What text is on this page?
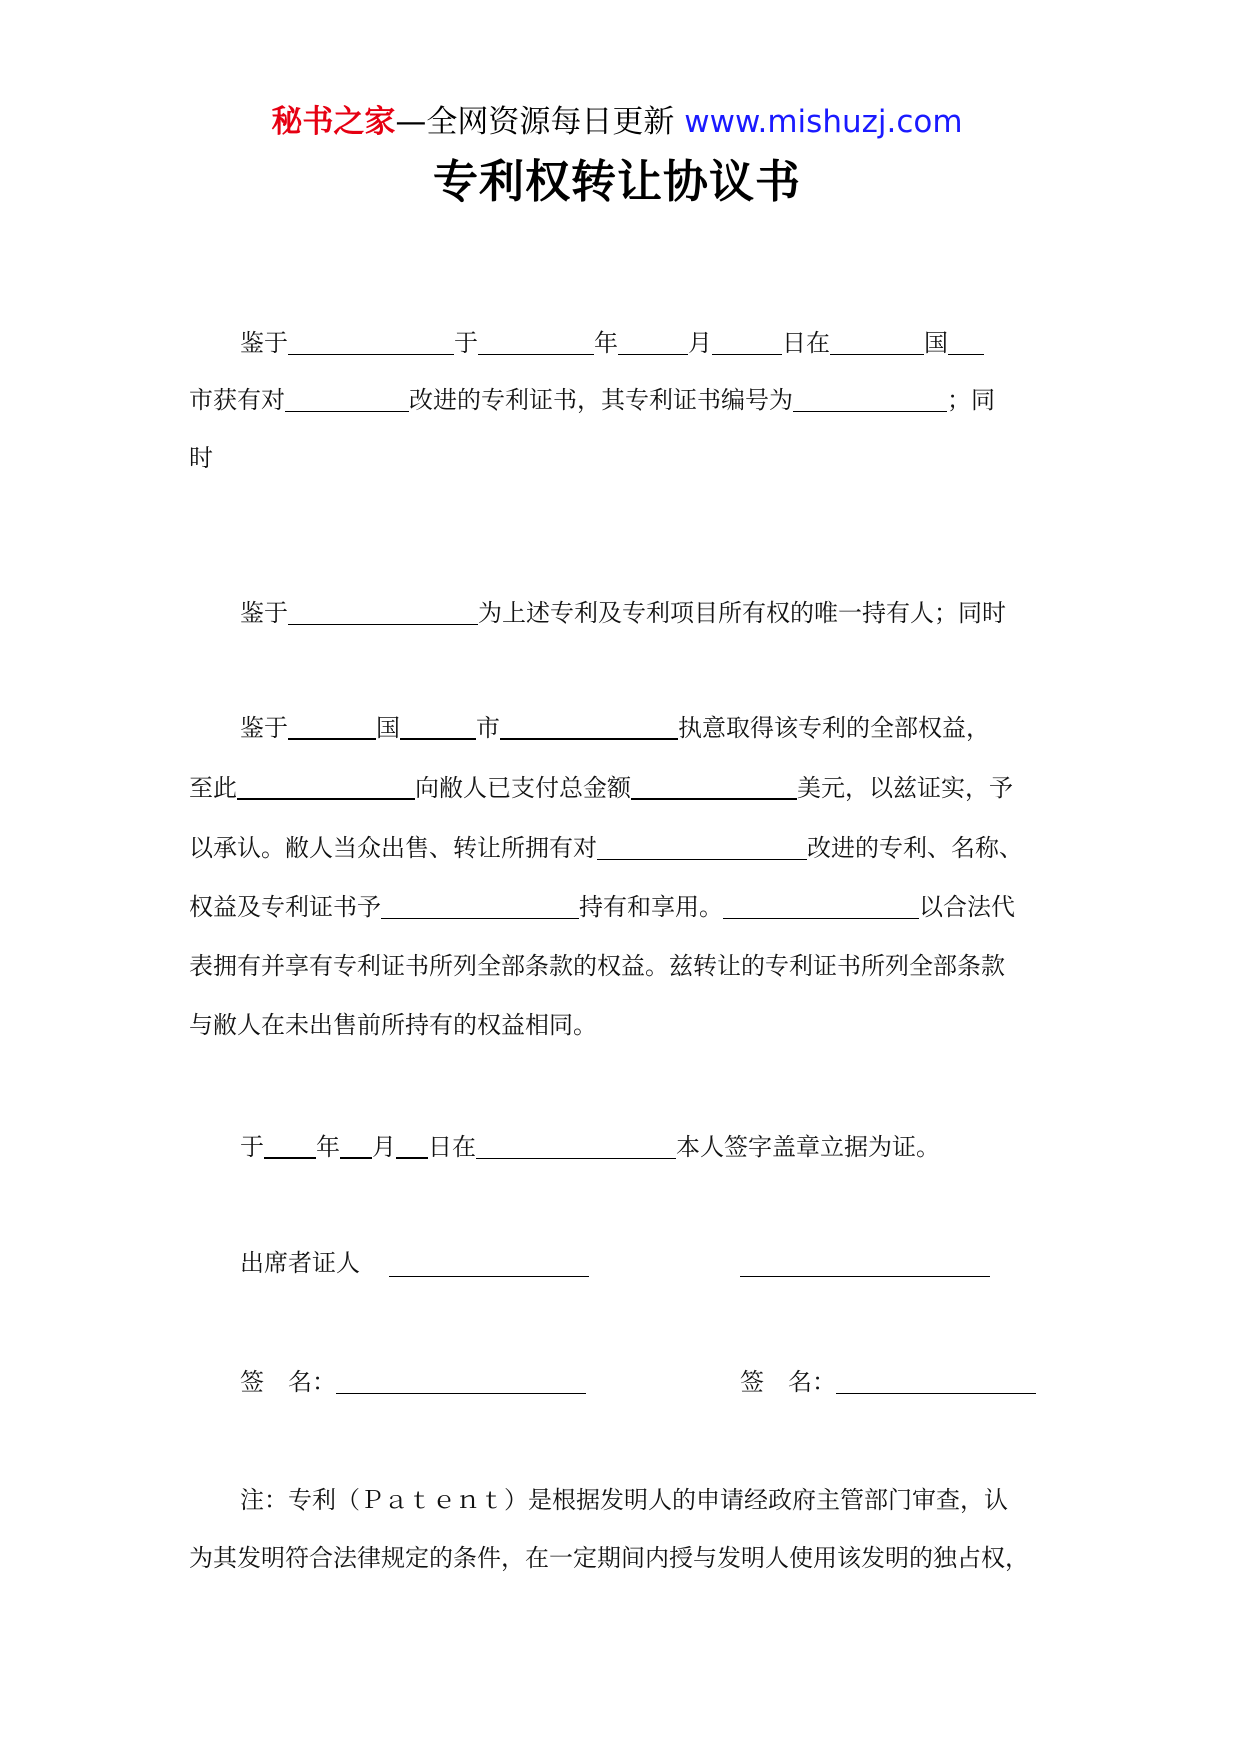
秘书之家—全网资源每日更新 www.mishuzj.com
专利权转让协议书
鉴于	于	年	月	日在	国
市获有对	改进的专利证书，其专利证书编号为	；同
时
鉴于	为上述专利及专利项目所有权的唯一持有人；同时
鉴于	国	市	执意取得该专利的全部权益，
至此	向敝人已支付总金额	美元，以兹证实，予
以承认。敝人当众出售、转让所拥有对	改进的专利、名称、
权益及专利证书予	持有和享用。	以合法代
表拥有并享有专利证书所列全部条款的权益。兹转让的专利证书所列全部条款
与敝人在未出售前所持有的权益相同。
于 年 月 日在	本人签字盖章立据为证。
出席者证人
签　名：	签　名：
注：专利（Ｐａｔｅｎｔ）是根据发明人的申请经政府主管部门审查，认
为其发明符合法律规定的条件，在一定期间内授与发明人使用该发明的独占权，
